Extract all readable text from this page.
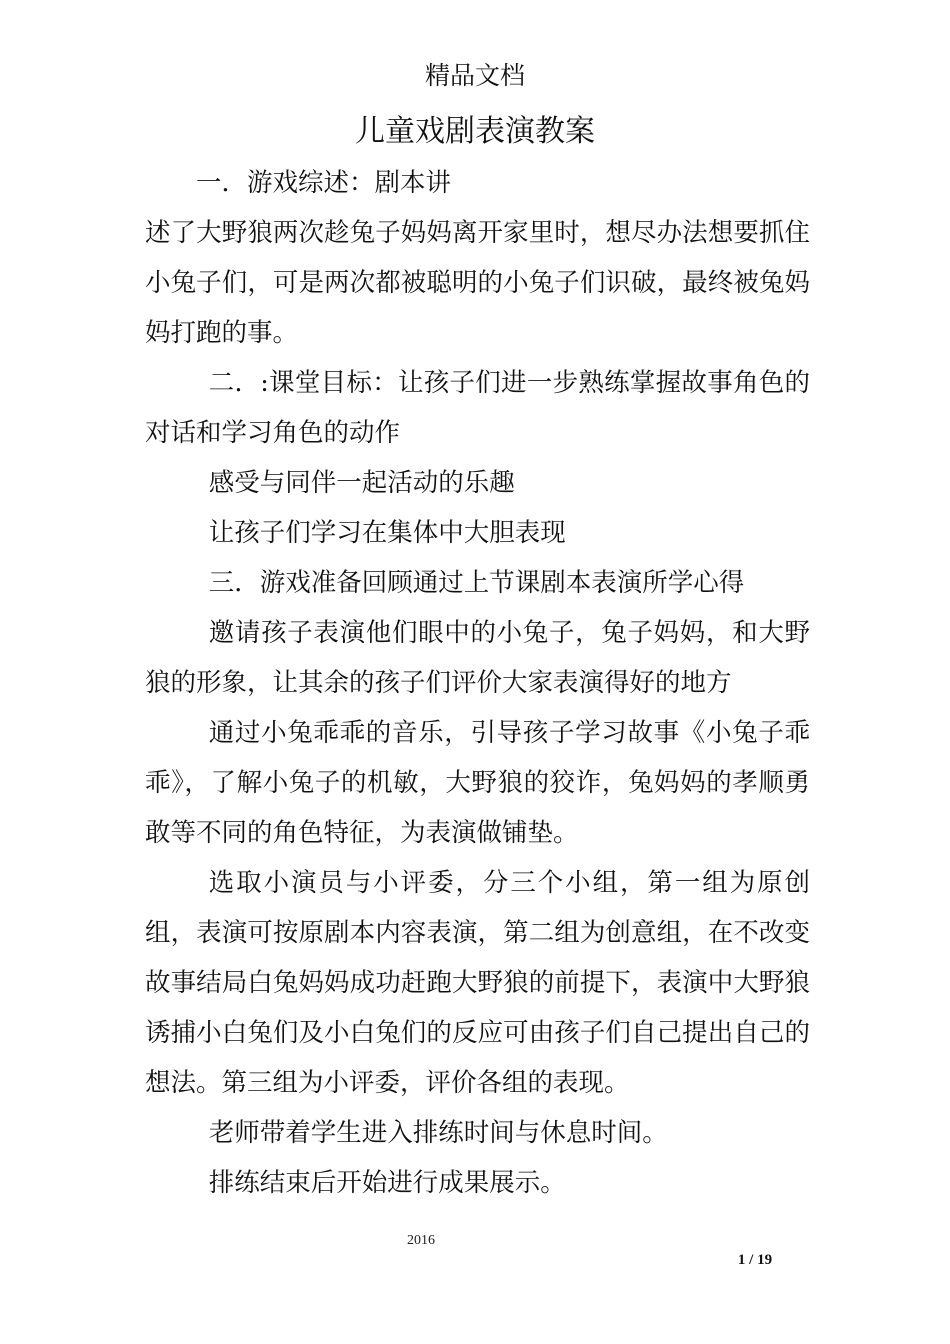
精品文档
儿童戏剧表演教案

一．游戏综述：剧本讲

述了大野狼两次趁兔子妈妈离开家里时，想尽办法想要抓住小兔子们，可是两次都被聪明的小兔子们识破，最终被兔妈妈打跑的事。

二．:课堂目标：让孩子们进一步熟练掌握故事角色的对话和学习角色的动作

感受与同伴一起活动的乐趣

让孩子们学习在集体中大胆表现

三．游戏准备回顾通过上节课剧本表演所学心得

邀请孩子表演他们眼中的小兔子，兔子妈妈，和大野狼的形象，让其余的孩子们评价大家表演得好的地方

通过小兔乖乖的音乐，引导孩子学习故事《小兔子乖乖》，了解小兔子的机敏，大野狼的狡诈，兔妈妈的孝顺勇敢等不同的角色特征，为表演做铺垫。

选取小演员与小评委，分三个小组，第一组为原创组，表演可按原剧本内容表演，第二组为创意组，在不改变故事结局白兔妈妈成功赶跑大野狼的前提下，表演中大野狼诱捕小白兔们及小白兔们的反应可由孩子们自己提出自己的想法。第三组为小评委，评价各组的表现。

老师带着学生进入排练时间与休息时间。

排练结束后开始进行成果展示。

2016
1 / 19
